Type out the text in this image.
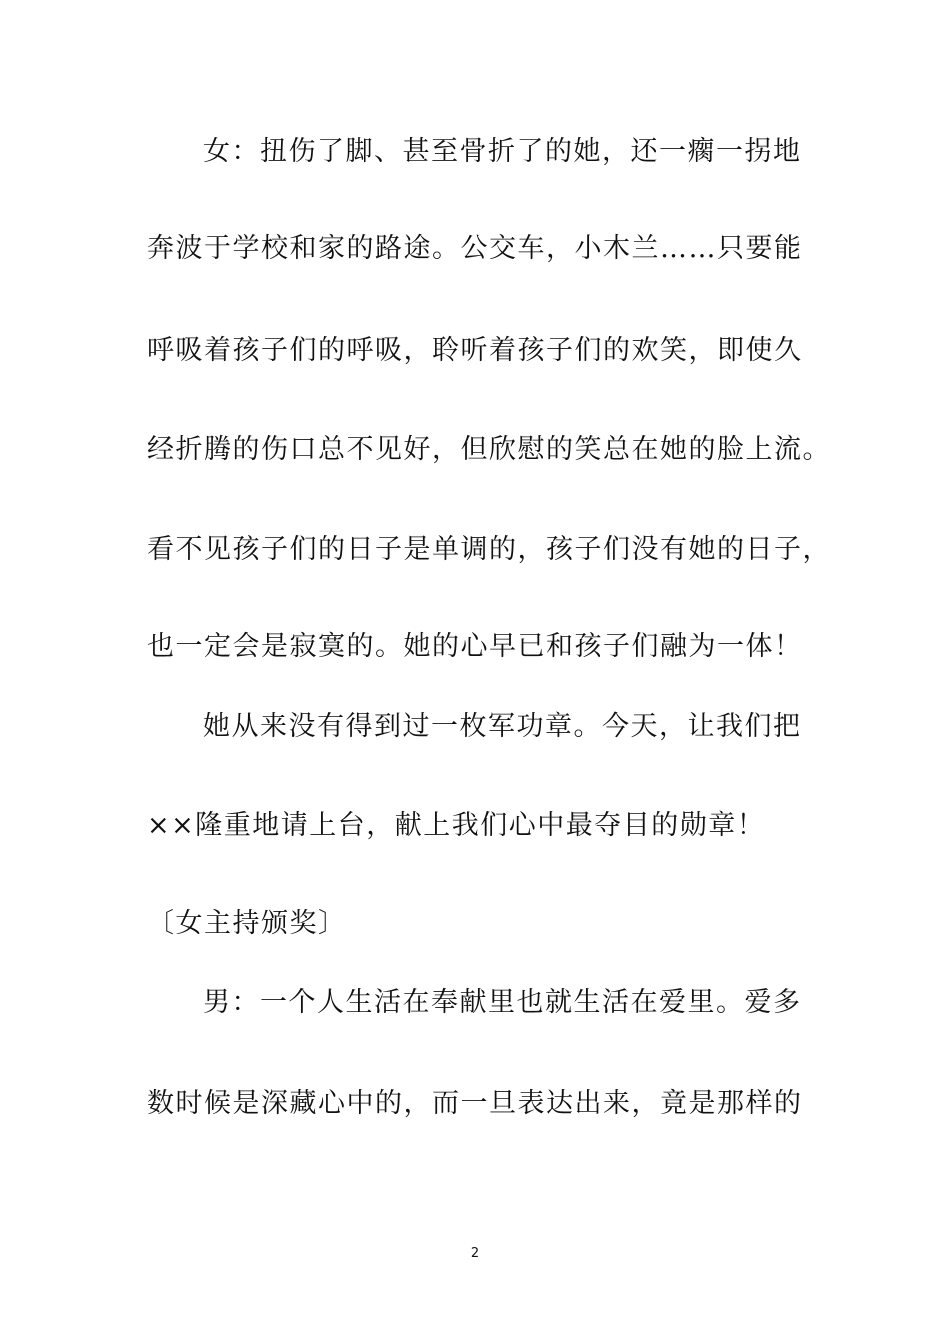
女：扭伤了脚、甚至骨折了的她，还一瘸一拐地
奔波于学校和家的路途。公交车，小木兰……只要能
呼吸着孩子们的呼吸，聆听着孩子们的欢笑，即使久
经折腾的伤口总不见好，但欣慰的笑总在她的脸上流。
看不见孩子们的日子是单调的，孩子们没有她的日子，
也一定会是寂寞的。她的心早已和孩子们融为一体！
她从来没有得到过一枚军功章。今天，让我们把
××隆重地请上台，献上我们心中最夺目的勋章！
〔女主持颁奖〕
男：一个人生活在奉献里也就生活在爱里。爱多
数时候是深藏心中的，而一旦表达出来，竟是那样的
2
